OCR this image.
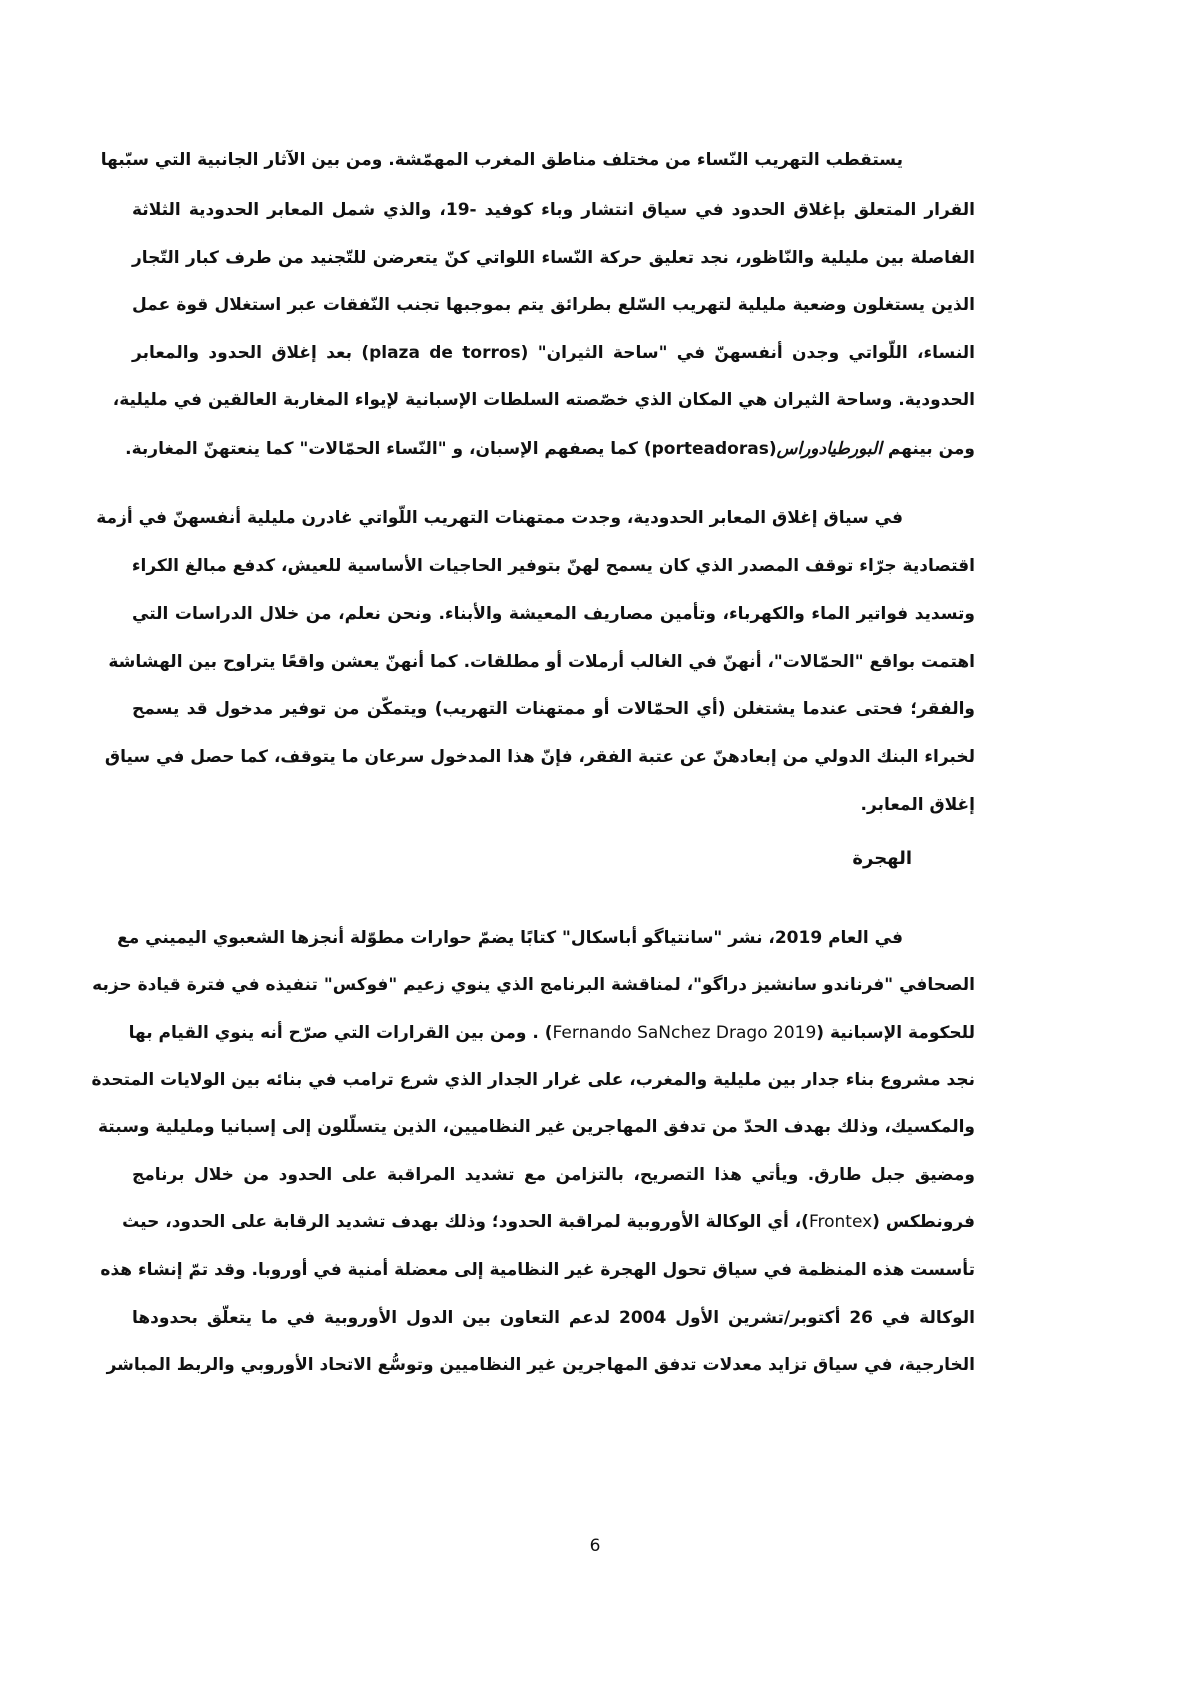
يستقطب التهريب النّساء من مختلف مناطق المغرب المهمّشة. ومن بين الآثار الجانبية التي سبّبها
القرار المتعلق بإغلاق الحدود في سياق انتشار وباء كوفيد -19، والذي شمل المعابر الحدودية الثلاثة
الفاصلة بين مليلية والنّاظور، نجد تعليق حركة النّساء اللواتي كنّ يتعرضن للتّجنيد من طرف كبار التّجار
الذين يستغلون وضعية مليلية لتهريب السّلع بطرائق يتم بموجبها تجنب النّفقات عبر استغلال قوة عمل
النساء، اللّواتي وجدن أنفسهنّ في "ساحة الثيران" (plaza de torros) بعد إغلاق الحدود والمعابر
الحدودية. وساحة الثيران هي المكان الذي خصّصته السلطات الإسبانية لإيواء المغاربة العالقين في مليلية،
ومن بينهم البورطيادوراس(porteadoras) كما يصفهم الإسبان، و "النّساء الحمّالات" كما ينعتهنّ المغاربة.
في سياق إغلاق المعابر الحدودية، وجدت ممتهنات التهريب اللّواتي غادرن مليلية أنفسهنّ في أزمة
اقتصادية جرّاء توقف المصدر الذي كان يسمح لهنّ بتوفير الحاجيات الأساسية للعيش، كدفع مبالغ الكراء
وتسديد فواتير الماء والكهرباء، وتأمين مصاريف المعيشة والأبناء. ونحن نعلم، من خلال الدراسات التي
اهتمت بواقع "الحمّالات"، أنهنّ في الغالب أرملات أو مطلقات. كما أنهنّ يعشن واقعًا يتراوح بين الهشاشة
والفقر؛ فحتى عندما يشتغلن (أي الحمّالات أو ممتهنات التهريب) ويتمكّن من توفير مدخول قد يسمح
لخبراء البنك الدولي من إبعادهنّ عن عتبة الفقر، فإنّ هذا المدخول سرعان ما يتوقف، كما حصل في سياق
إغلاق المعابر.
الهجرة
في العام 2019، نشر "سانتياگو أباسكال" كتابًا يضمّ حوارات مطوّلة أنجزها الشعبوي اليميني مع
الصحافي "فرناندو سانشيز دراگو"، لمناقشة البرنامج الذي ينوي زعيم "فوكس" تنفيذه في فترة قيادة حزبه
للحكومة الإسبانية (Fernando SaNchez Drago 2019) . ومن بين القرارات التي صرّح أنه ينوي القيام بها
نجد مشروع بناء جدار بين مليلية والمغرب، على غرار الجدار الذي شرع ترامب في بنائه بين الولايات المتحدة
والمكسيك، وذلك بهدف الحدّ من تدفق المهاجرين غير النظاميين، الذين يتسلّلون إلى إسبانيا ومليلية وسبتة
ومضيق جبل طارق. ويأتي هذا التصريح، بالتزامن مع تشديد المراقبة على الحدود من خلال برنامج
فرونطكس (Frontex)، أي الوكالة الأوروبية لمراقبة الحدود؛ وذلك بهدف تشديد الرقابة على الحدود، حيث
تأسست هذه المنظمة في سياق تحول الهجرة غير النظامية إلى معضلة أمنية في أوروبا. وقد تمّ إنشاء هذه
الوكالة في 26 أكتوبر/تشرين الأول 2004 لدعم التعاون بين الدول الأوروبية في ما يتعلّق بحدودها
الخارجية، في سياق تزايد معدلات تدفق المهاجرين غير النظاميين وتوسُّع الاتحاد الأوروبي والربط المباشر
6
